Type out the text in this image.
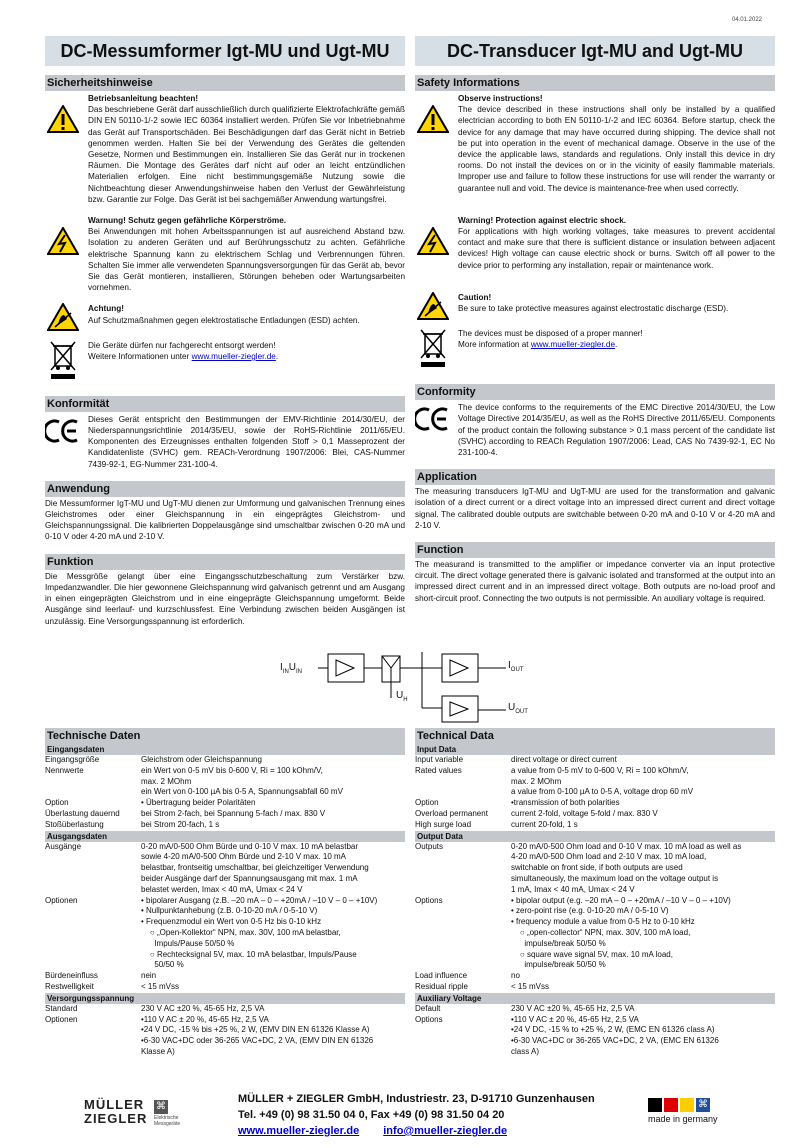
04.01.2022
DC-Messumformer Igt-MU und Ugt-MU	DC-Transducer Igt-MU and Ugt-MU
Sicherheitshinweise
Betriebsanleitung beachten!
Das beschriebene Gerät darf ausschließlich durch qualifizierte Elektrofachkräfte gemäß DIN EN 50110-1/-2 sowie IEC 60364 installiert werden. Prüfen Sie vor Inbetriebnahme das Gerät auf Transportschäden. Bei Beschädigungen darf das Gerät nicht in Betrieb genommen werden. Halten Sie bei der Verwendung des Gerätes die geltenden Gesetze, Normen und Bestimmungen ein. Installieren Sie das Gerät nur in trockenen Räumen. Die Montage des Gerätes darf nicht auf oder an leicht entzündlichen Materialien erfolgen. Eine nicht bestimmungsgemäße Nutzung sowie die Nichtbeachtung dieser Anwendungshinweise haben den Verlust der Gewährleistung bzw. Garantie zur Folge. Das Gerät ist bei sachgemäßer Anwendung wartungsfrei.
Warnung! Schutz gegen gefährliche Körperströme.
Bei Anwendungen mit hohen Arbeitsspannungen ist auf ausreichend Abstand bzw. Isolation zu anderen Geräten und auf Berührungsschutz zu achten. Gefährliche elektrische Spannung kann zu elektrischem Schlag und Verbrennungen führen. Schalten Sie immer alle verwendeten Spannungsversorgungen für das Gerät ab, bevor Sie das Gerät montieren, installieren, Störungen beheben oder Wartungsarbeiten vornehmen.
Achtung!
Auf Schutzmaßnahmen gegen elektrostatische Entladungen (ESD) achten.
Die Geräte dürfen nur fachgerecht entsorgt werden!
Weitere Informationen unter www.mueller-ziegler.de.
Konformität
Dieses Gerät entspricht den Bestimmungen der EMV-Richtlinie 2014/30/EU, der Niederspannungsrichtlinie 2014/35/EU, sowie der RoHS-Richtlinie 2011/65/EU. Komponenten des Erzeugnisses enthalten folgenden Stoff > 0,1 Masseprozent der Kandidatenliste (SVHC) gem. REACh-Verordnung 1907/2006: Blei, CAS-Nummer 7439-92-1, EG-Nummer 231-100-4.
Anwendung
Die Messumformer IgT-MU und UgT-MU dienen zur Umformung und galvanischen Trennung eines Gleichstromes oder einer Gleichspannung in ein eingeprägtes Gleichstrom- und Gleichspannungssignal. Die kalibrierten Doppelausgänge sind umschaltbar zwischen 0-20 mA und 0-10 V oder 4-20 mA und 2-10 V.
Funktion
Die Messgröße gelangt über eine Eingangsschutzbeschaltung zum Verstärker bzw. Impedanzwandler. Die hier gewonnene Gleichspannung wird galvanisch getrennt und am Ausgang in einen eingeprägten Gleichstrom und in eine eingeprägte Gleichspannung umgeformt. Beide Ausgänge sind leerlauf- und kurzschlussfest. Eine Verbindung zwischen beiden Ausgängen ist unzulässig. Eine Versorgungsspannung ist erforderlich.
Safety Informations
Observe instructions!
The device described in these instructions shall only be installed by a qualified electrician according to both EN 50110-1/-2 and IEC 60364. Before startup, check the device for any damage that may have occurred during shipping. The device shall not be put into operation in the event of mechanical damage. Observe in the use of the device the applicable laws, standards and regulations. Only install this device in dry rooms. Do not install the devices on or in the vicinity of easily flammable materials. Improper use and failure to follow these instructions for use will render the warranty or guarantee null and void. The device is maintenance-free when used correctly.
Warning! Protection against electric shock.
For applications with high working voltages, take measures to prevent accidental contact and make sure that there is sufficient distance or insulation between adjacent devices! High voltage can cause electric shock or burns. Switch off all power to the device prior to performing any installation, repair or maintenance work.
Caution!
Be sure to take protective measures against electrostatic discharge (ESD).
The devices must be disposed of a proper manner!
More information at www.mueller-ziegler.de.
Conformity
The device conforms to the requirements of the EMC Directive 2014/30/EU, the Low Voltage Directive 2014/35/EU, as well as the RoHS Directive 2011/65/EU. Components of the product contain the following substance > 0.1 mass percent of the candidate list (SVHC) according to REACh Regulation 1907/2006: Lead, CAS No 7439-92-1, EC No 231-100-4.
Application
The measuring transducers IgT-MU and UgT-MU are used for the transformation and galvanic isolation of a direct current or a direct voltage into an impressed direct current and direct voltage signal. The calibrated double outputs are switchable between 0-20 mA and 0-10 V or 4-20 mA and 2-10 V.
Function
The measurand is transmitted to the amplifier or impedance converter via an input protective circuit. The direct voltage generated there is galvanic isolated and transformed at the output into an impressed direct current and in an impressed direct voltage. Both outputs are no-load proof and short-circuit proof. Connecting the two outputs is not permissible. An auxiliary voltage is required.
$I_{IN}U_{IN}$
$U_H$
$I_{OUT}$
$U_{OUT}$
Technische Daten
Eingangsdaten
Eingangsgröße	Gleichstrom oder Gleichspannung
Nennwerte	ein Wert von 0-5 mV bis 0-600 V, Ri = 100 kOhm/V,
max. 2 MOhm
ein Wert von 0-100 µA bis 0-5 A, Spannungsabfall 60 mV
Option	• Übertragung beider Polaritäten
Überlastung dauernd	bei Strom 2-fach, bei Spannung 5-fach / max. 830 V
Stoßüberlastung	bei Strom 20-fach, 1 s
Ausgangsdaten
Ausgänge	0-20 mA/0-500 Ohm Bürde und 0-10 V max. 10 mA belastbar
sowie 4-20 mA/0-500 Ohm Bürde und 2-10 V max. 10 mA
belastbar, frontseitig umschaltbar, bei gleichzeitiger Verwendung
beider Ausgänge darf der Spannungsausgang mit max. 1 mA
belastet werden, Imax < 40 mA, Umax < 24 V
Optionen	• bipolarer Ausgang (z.B. –20 mA – 0 – +20mA / –10 V – 0 – +10V)
• Nullpunktanhebung (z.B. 0-10-20 mA / 0-5-10 V)
• Frequenzmodul ein Wert von 0-5 Hz bis 0-10 kHz
○ „Open-Kollektor“ NPN, max. 30V, 100 mA belastbar,
Impuls/Pause 50/50 %
○ Rechtecksignal 5V, max. 10 mA belastbar, Impuls/Pause
50/50 %
Bürdeneinfluss	nein
Restwelligkeit	< 15 mVss
Versorgungsspannung
Standard	230 V AC ±20 %, 45-65 Hz, 2,5 VA
Optionen	•110 V AC ± 20 %, 45-65 Hz, 2,5 VA
•24 V DC, -15 % bis +25 %, 2 W, (EMV DIN EN 61326 Klasse A)
•6-30 VAC+DC oder 36-265 VAC+DC, 2 VA, (EMV DIN EN 61326
Klasse A)
Technical Data
Input Data
Input variable	direct voltage or direct current
Rated values	a value from 0-5 mV to 0-600 V, Ri = 100 kOhm/V,
max. 2 MOhm
a value from 0-100 µA to 0-5 A, voltage drop 60 mV
Option	•transmission of both polarities
Overload permanent	current 2-fold, voltage 5-fold / max. 830 V
High surge load	current 20-fold, 1 s
Output Data
Outputs	0-20 mA/0-500 Ohm load and 0-10 V max. 10 mA load as well as
4-20 mA/0-500 Ohm load and 2-10 V max. 10 mA load,
switchable on front side, if both outputs are used
simultaneously, the maximum load on the voltage output is
1 mA, Imax < 40 mA, Umax < 24 V
Options	• bipolar output (e.g. –20 mA – 0 – +20mA / –10 V – 0 – +10V)
• zero-point rise (e.g. 0-10-20 mA / 0-5-10 V)
• frequency module a value from 0-5 Hz to 0-10 kHz
○ „open-collector“ NPN, max. 30V, 100 mA load,
impulse/break 50/50 %
○ square wave signal 5V, max. 10 mA load,
impulse/break 50/50 %
Load influence	no
Residual ripple	< 15 mVss
Auxiliary Voltage
Default	230 V AC ±20 %, 45-65 Hz, 2,5 VA
Options	•110 V AC ± 20 %, 45-65 Hz, 2,5 VA
•24 V DC, -15 % to +25 %, 2 W, (EMC EN 61326 class A)
•6-30 VAC+DC or 36-265 VAC+DC, 2 VA, (EMC EN 61326
class A)
MÜLLER
ZIEGLER
⌘
Elektrische
Messgeräte
MÜLLER + ZIEGLER GmbH, Industriestr. 23, D-91710 Gunzenhausen
Tel. +49 (0) 98 31.50 04 0, Fax +49 (0) 98 31.50 04 20
www.mueller-ziegler.de info@mueller-ziegler.de
⌘
made in germany
